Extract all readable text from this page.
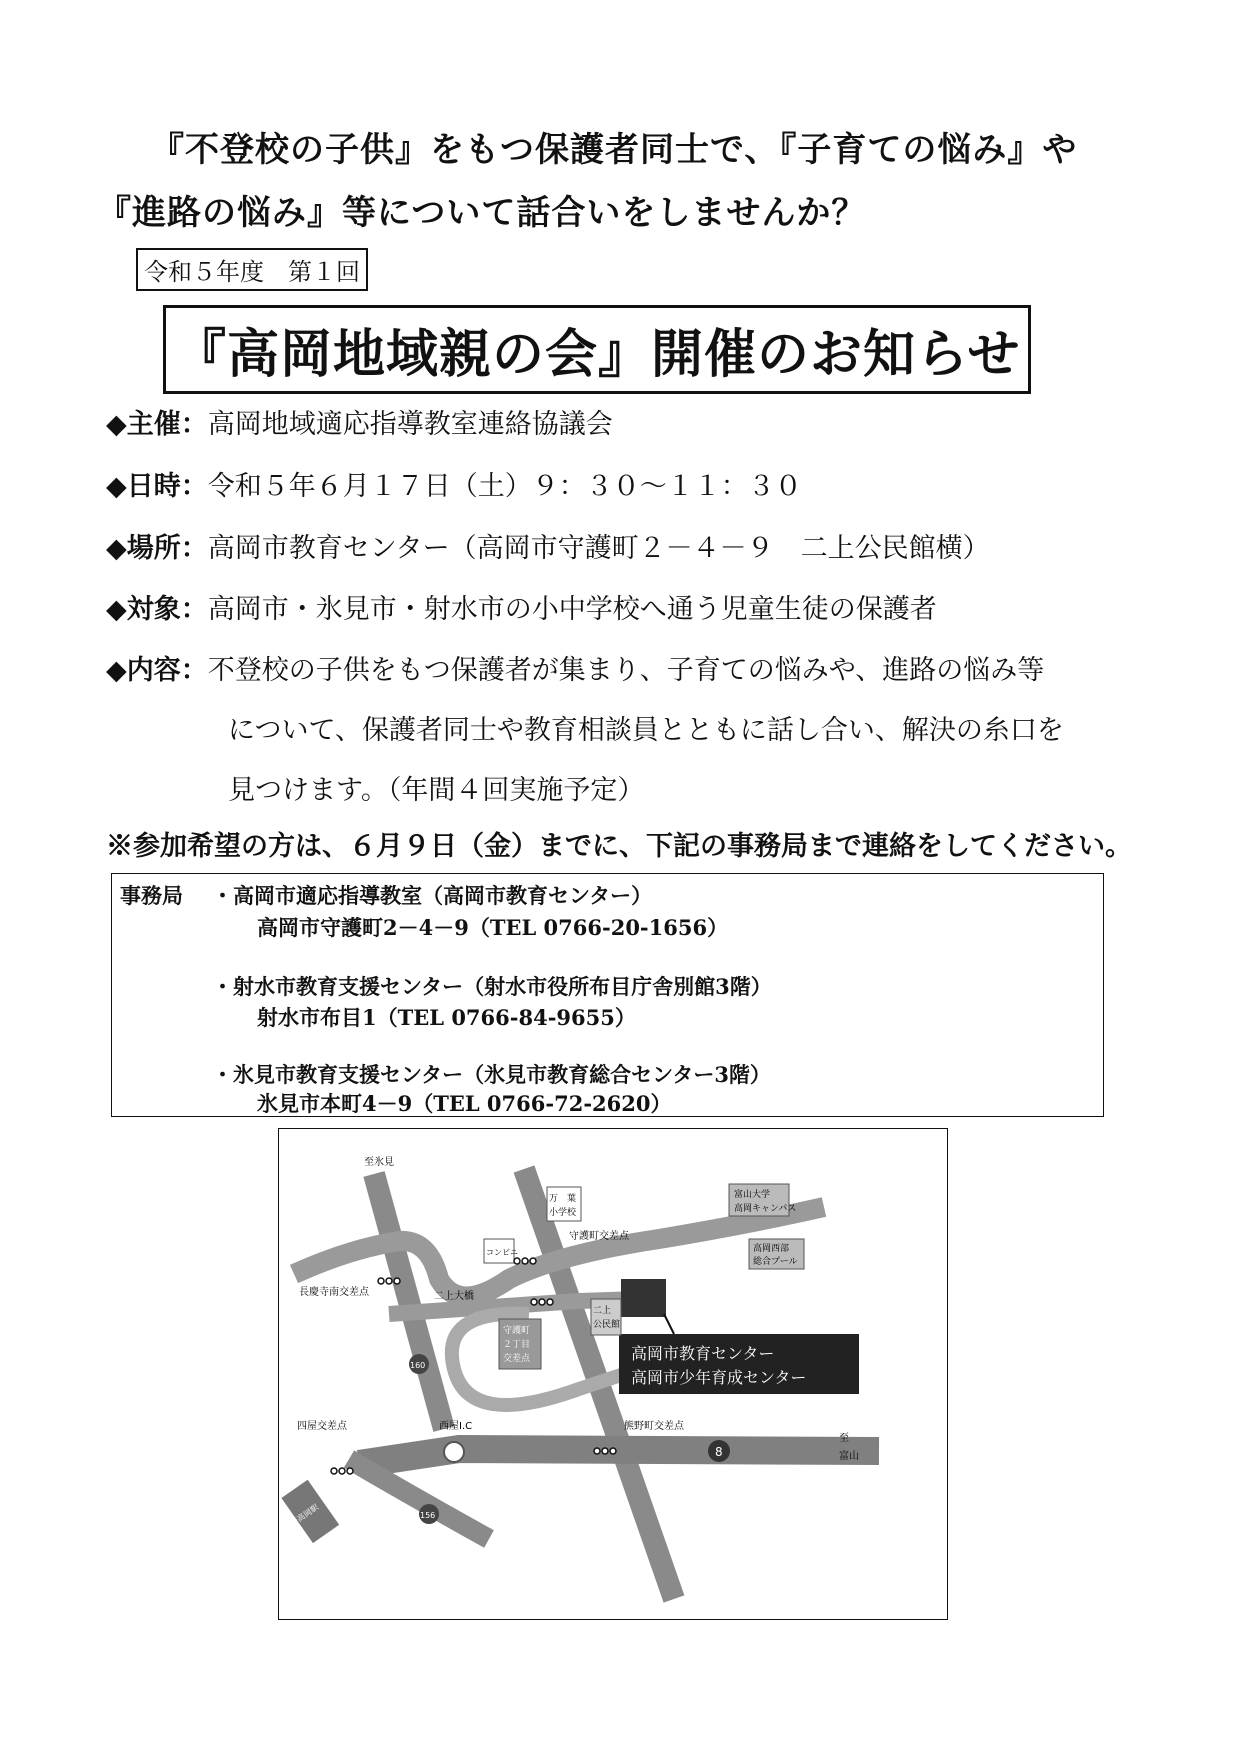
『不登校の子供』をもつ保護者同士で、『子育ての悩み』や
『進路の悩み』等について話合いをしませんか？
令和５年度　第１回
『高岡地域親の会』開催のお知らせ
◆主催：高岡地域適応指導教室連絡協議会
◆日時：令和５年６月１７日（土）９：３０～１１：３０
◆場所：高岡市教育センター（高岡市守護町２－４－９　二上公民館横）
◆対象：高岡市・氷見市・射水市の小中学校へ通う児童生徒の保護者
◆内容：不登校の子供をもつ保護者が集まり、子育ての悩みや、進路の悩み等
について、保護者同士や教育相談員とともに話し合い、解決の糸口を
見つけます。（年間４回実施予定）
※参加希望の方は、６月９日（金）までに、下記の事務局まで連絡をしてください。
事務局 ・高岡市適応指導教室（高岡市教育センター）
高岡市守護町2－4－9（TEL 0766-20-1656）
・射水市教育支援センター（射水市役所布目庁舎別館3階）
射水市布目1（TEL 0766-84-9655）
・氷見市教育支援センター（氷見市教育総合センター3階）
氷見市本町4－9（TEL 0766-72-2620）
高岡市教育センター
高岡市少年育成センター
万　葉
小学校
富山大学
高岡キャンパス
高岡西部
総合プール
守護町
２丁目
交差点
二上
公民館
コンビニ
至氷見
守護町交差点
長慶寺南交差点	二上大橋
四屋交差点	西屋I.C	熊野町交差点
至
富山
160
8
156
新高岡駅
